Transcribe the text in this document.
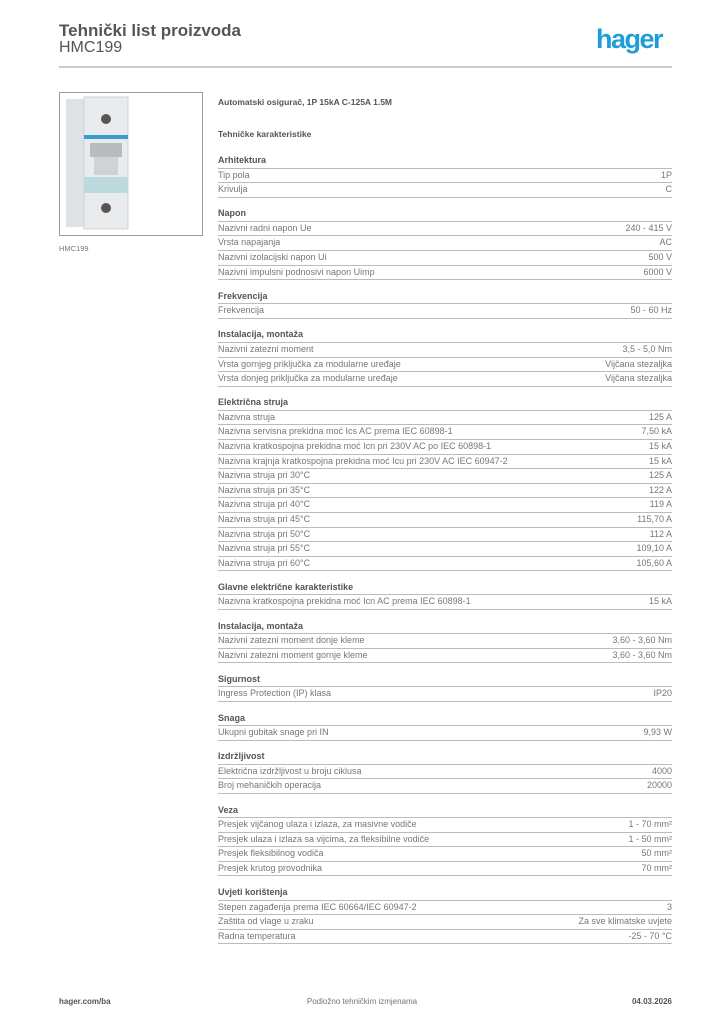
Tehnički list proizvoda
HMC199	hager
HMC199
Automatski osigurač, 1P 15kA C-125A 1.5M
Tehničke karakteristike
Arhitektura
Tip pola	1P
Krivulja	C
Napon
Nazivni radni napon Ue	240 - 415 V
Vrsta napajanja	AC
Nazivni izolacijski napon Ui	500 V
Nazivni impulsni podnosivi napon Uimp	6000 V
Frekvencija
Frekvencija	50 - 60 Hz
Instalacija, montaža
Nazivni zatezni moment	3,5 - 5,0 Nm
Vrsta gornjeg priključka za modularne uređaje	Vijčana stezaljka
Vrsta donjeg priključka za modularne uređaje	Vijčana stezaljka
Električna struja
Nazivna struja	125 A
Nazivna servisna prekidna moć Ics AC prema IEC 60898-1	7,50 kA
Nazivna kratkospojna prekidna moć Icn pri 230V AC po IEC 60898-1	15 kA
Nazivna krajnja kratkospojna prekidna moć Icu pri 230V AC IEC 60947-2	15 kA
Nazivna struja pri 30°C	125 A
Nazivna struja pri 35°C	122 A
Nazivna struja pri 40°C	119 A
Nazivna struja pri 45°C	115,70 A
Nazivna struja pri 50°C	112 A
Nazivna struja pri 55°C	109,10 A
Nazivna struja pri 60°C	105,60 A
Glavne električne karakteristike
Nazivna kratkospojna prekidna moć Icn AC prema IEC 60898-1	15 kA
Instalacija, montaža
Nazivni zatezni moment donje kleme	3,60 - 3,60 Nm
Nazivni zatezni moment gornje kleme	3,60 - 3,60 Nm
Sigurnost
Ingress Protection (IP) klasa	IP20
Snaga
Ukupni gubitak snage pri IN	9,93 W
Izdržljivost
Električna izdržljivost u broju ciklusa	4000
Broj mehaničkih operacija	20000
Veza
Presjek vijčanog ulaza i izlaza, za masivne vodiče	1 - 70 mm²
Presjek ulaza i izlaza sa vijcima, za fleksibilne vodiče	1 - 50 mm²
Presjek fleksibilnog vodiča	50 mm²
Presjek krutog provodnika	70 mm²
Uvjeti korištenja
Stepen zagađenja prema IEC 60664/IEC 60947-2	3
Zaštita od vlage u zraku	Za sve klimatske uvjete
Radna temperatura	-25 - 70 °C
Podložno tehničkim izmjenama
hager.com/ba	04.03.2026
